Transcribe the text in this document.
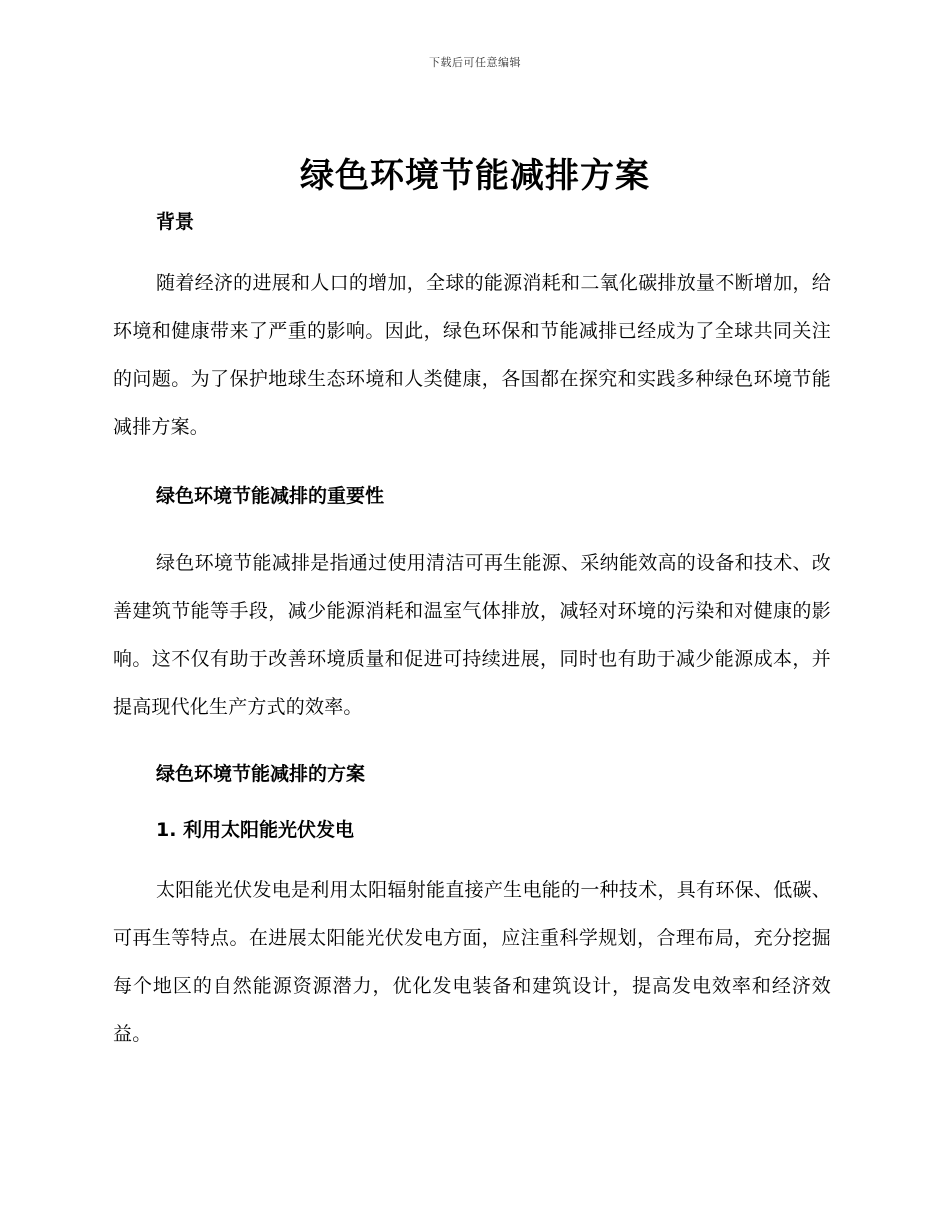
下载后可任意编辑
绿色环境节能减排方案
背景

随着经济的进展和人口的增加，全球的能源消耗和二氧化碳排放量不断增加，给环境和健康带来了严重的影响。因此，绿色环保和节能减排已经成为了全球共同关注的问题。为了保护地球生态环境和人类健康，各国都在探究和实践多种绿色环境节能减排方案。

绿色环境节能减排的重要性

绿色环境节能减排是指通过使用清洁可再生能源、采纳能效高的设备和技术、改善建筑节能等手段，减少能源消耗和温室气体排放，减轻对环境的污染和对健康的影响。这不仅有助于改善环境质量和促进可持续进展，同时也有助于减少能源成本，并提高现代化生产方式的效率。

绿色环境节能减排的方案
1. 利用太阳能光伏发电

太阳能光伏发电是利用太阳辐射能直接产生电能的一种技术，具有环保、低碳、可再生等特点。在进展太阳能光伏发电方面，应注重科学规划，合理布局，充分挖掘每个地区的自然能源资源潜力，优化发电装备和建筑设计，提高发电效率和经济效益。
